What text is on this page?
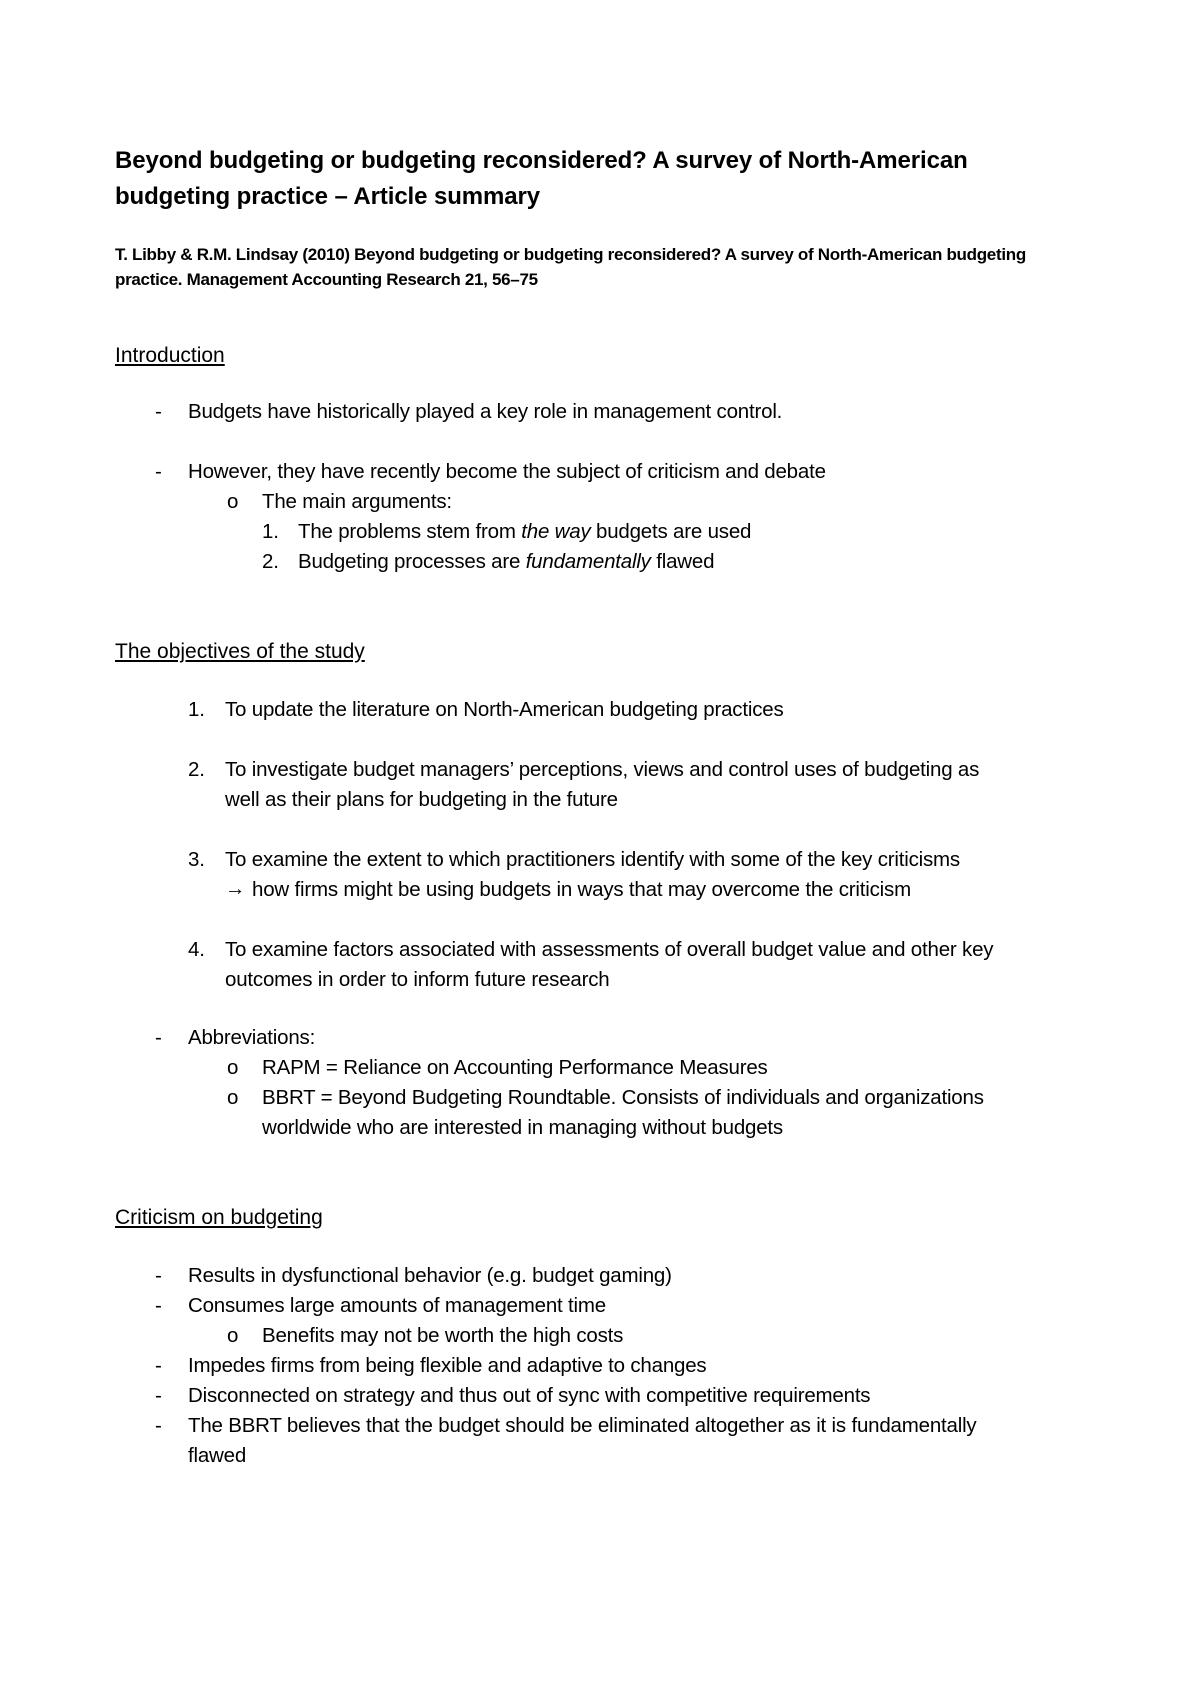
Beyond budgeting or budgeting reconsidered? A survey of North-American

budgeting practice – Article summary

T. Libby & R.M. Lindsay (2010) Beyond budgeting or budgeting reconsidered? A survey of North-American budgeting

practice. Management Accounting Research 21, 56–75

Introduction

- Budgets have historically played a key role in management control.

- However, they have recently become the subject of criticism and debate

o The main arguments:

1. The problems stem from the way budgets are used

2. Budgeting processes are fundamentally flawed

The objectives of the study

1. To update the literature on North-American budgeting practices

2. To investigate budget managers’ perceptions, views and control uses of budgeting as

well as their plans for budgeting in the future

3. To examine the extent to which practitioners identify with some of the key criticisms

→ how firms might be using budgets in ways that may overcome the criticism

4. To examine factors associated with assessments of overall budget value and other key

outcomes in order to inform future research

- Abbreviations:

o RAPM = Reliance on Accounting Performance Measures

o BBRT = Beyond Budgeting Roundtable. Consists of individuals and organizations

worldwide who are interested in managing without budgets

Criticism on budgeting

- Results in dysfunctional behavior (e.g. budget gaming)

- Consumes large amounts of management time

o Benefits may not be worth the high costs

- Impedes firms from being flexible and adaptive to changes

- Disconnected on strategy and thus out of sync with competitive requirements

- The BBRT believes that the budget should be eliminated altogether as it is fundamentally

flawed
